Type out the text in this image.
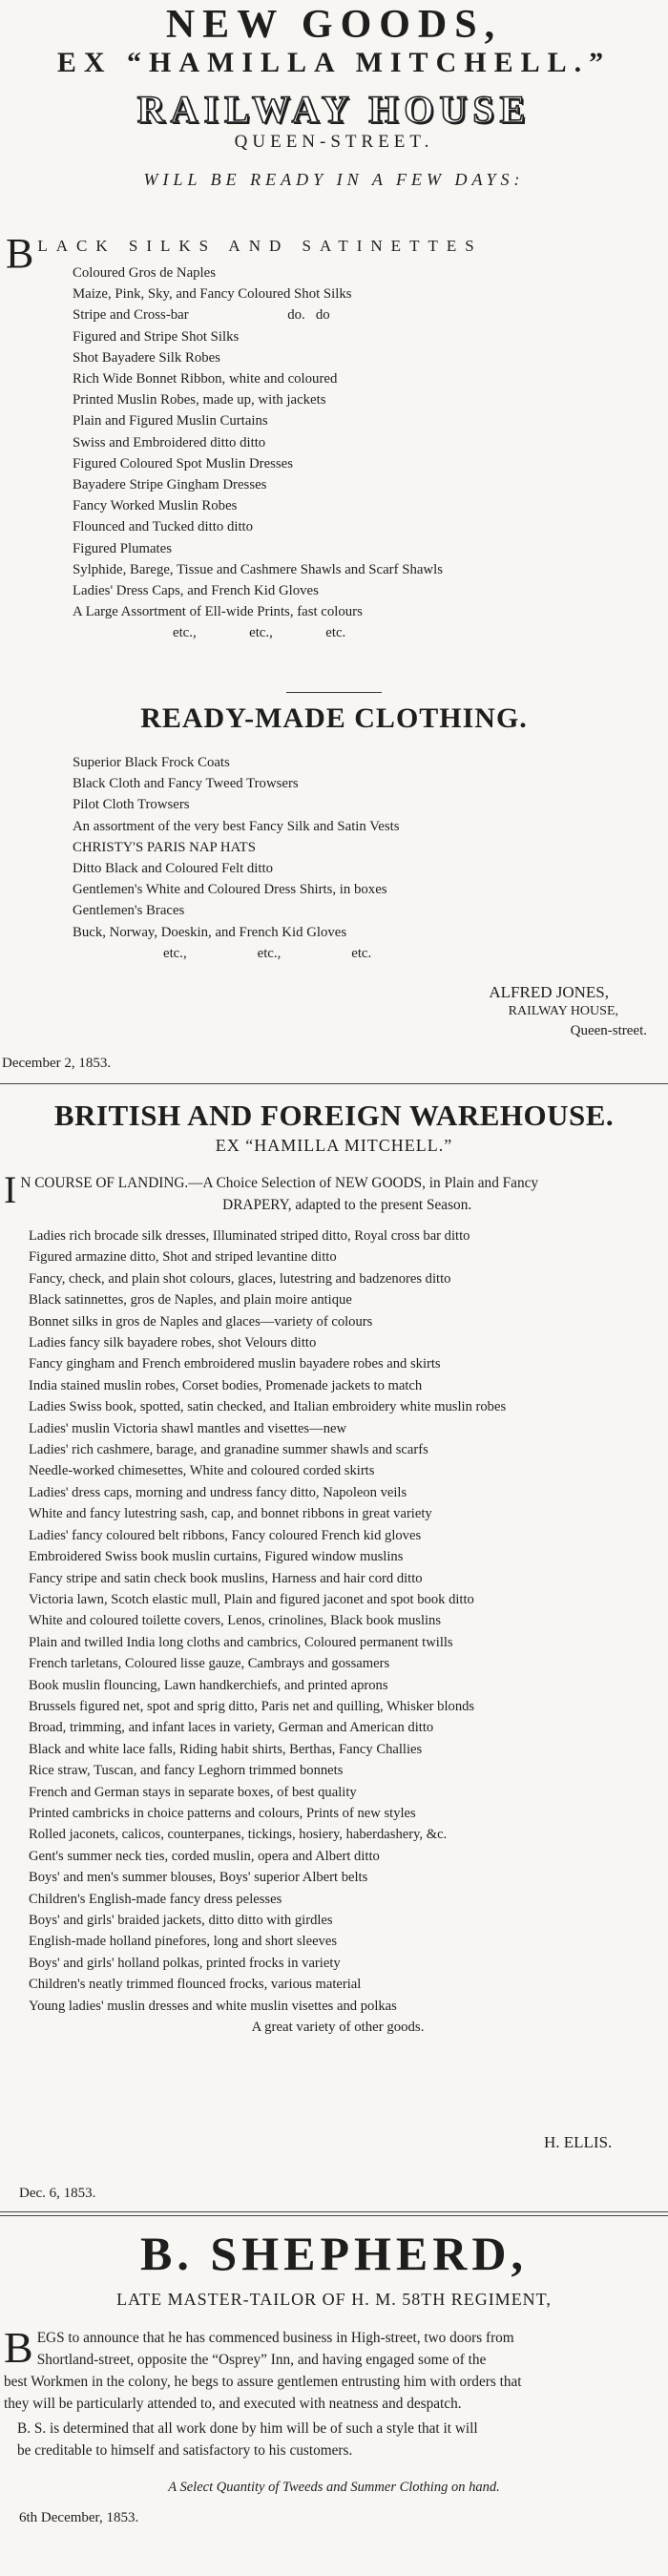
NEW GOODS,
EX “HAMILLA MITCHELL.”
RAILWAY HOUSE
QUEEN-STREET.
WILL BE READY IN A FEW DAYS:
B LACK SILKS AND SATINETTES
Coloured Gros de Naples
Maize, Pink, Sky, and Fancy Coloured Shot Silks
Stripe and Cross-bar                            do.   do
Figured and Stripe Shot Silks
Shot Bayadere Silk Robes
Rich Wide Bonnet Ribbon, white and coloured
Printed Muslin Robes, made up, with jackets
Plain and Figured Muslin Curtains
Swiss and Embroidered ditto ditto
Figured Coloured Spot Muslin Dresses
Bayadere Stripe Gingham Dresses
Fancy Worked Muslin Robes
Flounced and Tucked ditto ditto
Figured Plumates
Sylphide, Barege, Tissue and Cashmere Shawls and Scarf Shawls
Ladies' Dress Caps, and French Kid Gloves
A Large Assortment of Ell-wide Prints, fast colours
etc.,               etc.,               etc.
READY-MADE CLOTHING.
Superior Black Frock Coats
Black Cloth and Fancy Tweed Trowsers
Pilot Cloth Trowsers
An assortment of the very best Fancy Silk and Satin Vests
CHRISTY'S PARIS NAP HATS
Ditto Black and Coloured Felt ditto
Gentlemen's White and Coloured Dress Shirts, in boxes
Gentlemen's Braces
Buck, Norway, Doeskin, and French Kid Gloves
etc.,                    etc.,                    etc.
ALFRED JONES,
RAILWAY HOUSE,
Queen-street.
December 2, 1853.
BRITISH AND FOREIGN WAREHOUSE.
EX “HAMILLA MITCHELL.”
I N COURSE OF LANDING.—A Choice Selection of NEW GOODS, in Plain and Fancy
DRAPERY, adapted to the present Season.
Ladies rich brocade silk dresses, Illuminated striped ditto, Royal cross bar ditto
Figured armazine ditto, Shot and striped levantine ditto
Fancy, check, and plain shot colours, glaces, lutestring and badzenores ditto
Black satinnettes, gros de Naples, and plain moire antique
Bonnet silks in gros de Naples and glaces—variety of colours
Ladies fancy silk bayadere robes, shot Velours ditto
Fancy gingham and French embroidered muslin bayadere robes and skirts
India stained muslin robes, Corset bodies, Promenade jackets to match
Ladies Swiss book, spotted, satin checked, and Italian embroidery white muslin robes
Ladies' muslin Victoria shawl mantles and visettes—new
Ladies' rich cashmere, barage, and granadine summer shawls and scarfs
Needle-worked chimesettes, White and coloured corded skirts
Ladies' dress caps, morning and undress fancy ditto, Napoleon veils
White and fancy lutestring sash, cap, and bonnet ribbons in great variety
Ladies' fancy coloured belt ribbons, Fancy coloured French kid gloves
Embroidered Swiss book muslin curtains, Figured window muslins
Fancy stripe and satin check book muslins, Harness and hair cord ditto
Victoria lawn, Scotch elastic mull, Plain and figured jaconet and spot book ditto
White and coloured toilette covers, Lenos, crinolines, Black book muslins
Plain and twilled India long cloths and cambrics, Coloured permanent twills
French tarletans, Coloured lisse gauze, Cambrays and gossamers
Book muslin flouncing, Lawn handkerchiefs, and printed aprons
Brussels figured net, spot and sprig ditto, Paris net and quilling, Whisker blonds
Broad, trimming, and infant laces in variety, German and American ditto
Black and white lace falls, Riding habit shirts, Berthas, Fancy Challies
Rice straw, Tuscan, and fancy Leghorn trimmed bonnets
French and German stays in separate boxes, of best quality
Printed cambricks in choice patterns and colours, Prints of new styles
Rolled jaconets, calicos, counterpanes, tickings, hosiery, haberdashery, &c.
Gent's summer neck ties, corded muslin, opera and Albert ditto
Boys' and men's summer blouses, Boys' superior Albert belts
Children's English-made fancy dress pelesses
Boys' and girls' braided jackets, ditto ditto with girdles
English-made holland pinefores, long and short sleeves
Boys' and girls' holland polkas, printed frocks in variety
Children's neatly trimmed flounced frocks, various material
Young ladies' muslin dresses and white muslin visettes and polkas
A great variety of other goods.
H. ELLIS.
Dec. 6, 1853.
B. SHEPHERD,
LATE MASTER-TAILOR OF H. M. 58TH REGIMENT,
B EGS to announce that he has commenced business in High-street, two doors from
Shortland-street, opposite the “Osprey” Inn, and having engaged some of the
best Workmen in the colony, he begs to assure gentlemen entrusting him with orders that
they will be particularly attended to, and executed with neatness and despatch.
B. S. is determined that all work done by him will be of such a style that it will
be creditable to himself and satisfactory to his customers.
A Select Quantity of Tweeds and Summer Clothing on hand.
6th December, 1853.
